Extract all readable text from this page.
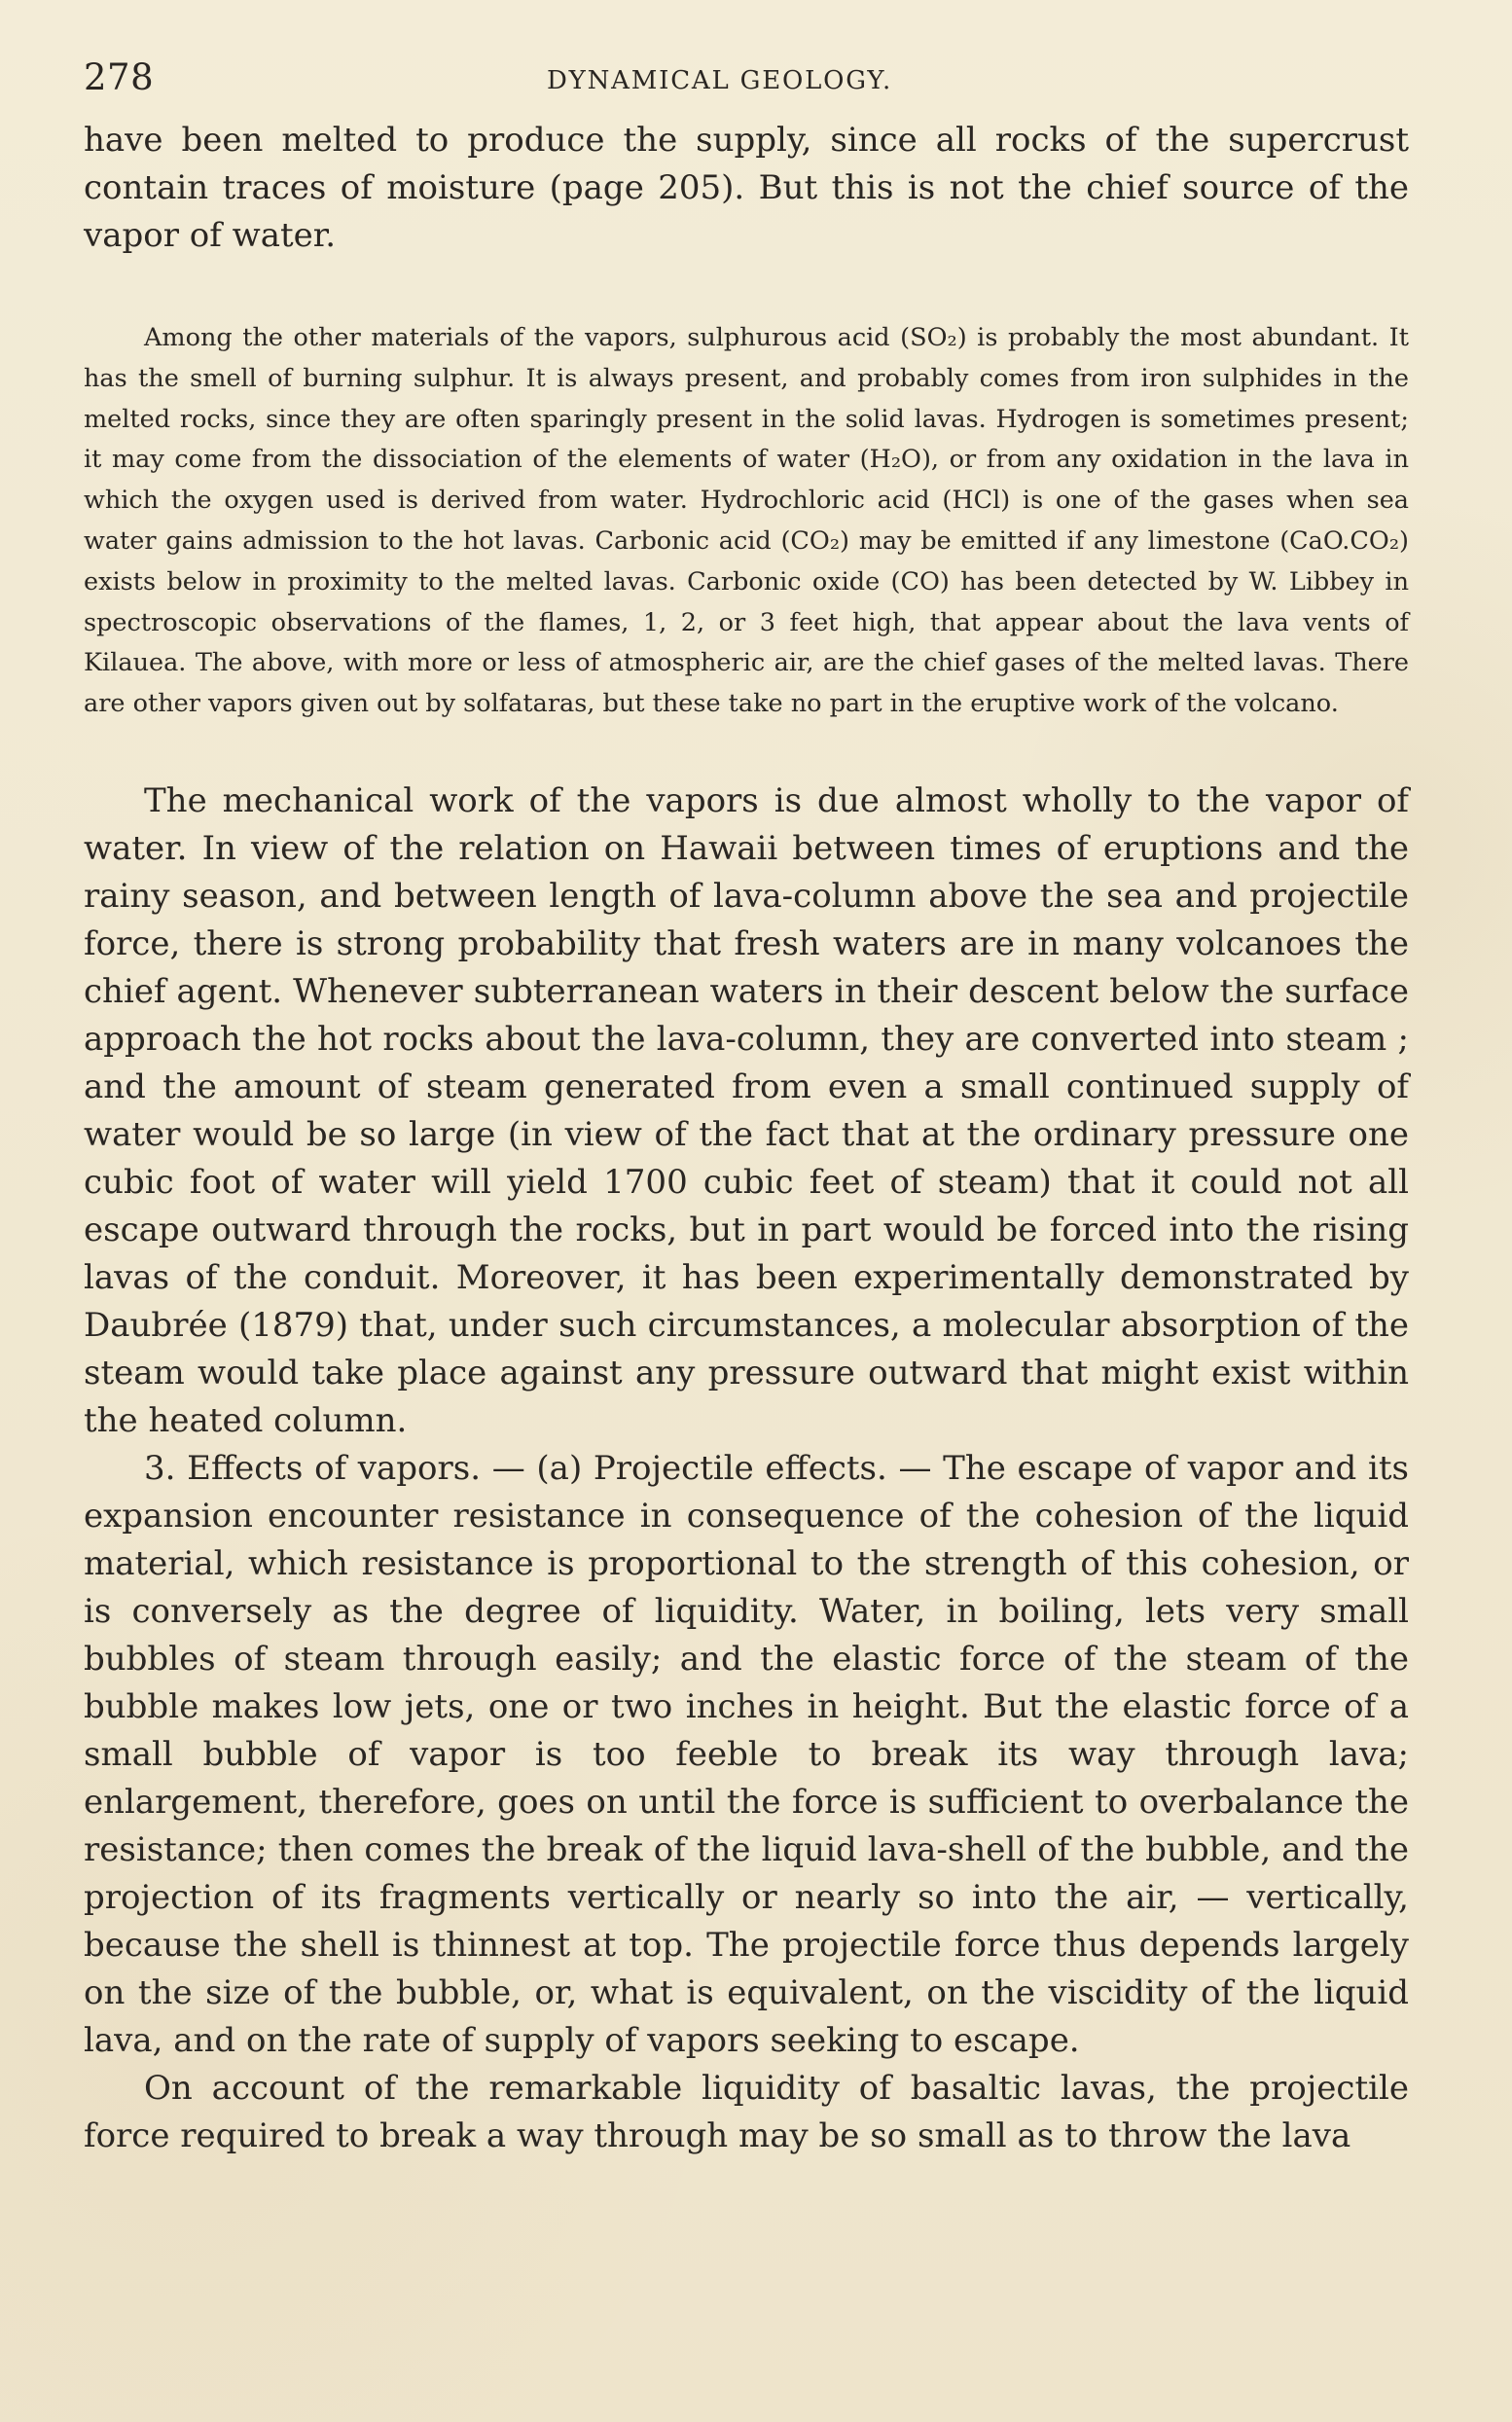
278	DYNAMICAL GEOLOGY.

have been melted to produce the supply, since all rocks of the supercrust contain traces of moisture (page 205). But this is not the chief source of the vapor of water.

Among the other materials of the vapors, sulphurous acid (SO₂) is probably the most abundant. It has the smell of burning sulphur. It is always present, and probably comes from iron sulphides in the melted rocks, since they are often sparingly present in the solid lavas. Hydrogen is sometimes present; it may come from the dissociation of the elements of water (H₂O), or from any oxidation in the lava in which the oxygen used is derived from water. Hydrochloric acid (HCl) is one of the gases when sea water gains admission to the hot lavas. Carbonic acid (CO₂) may be emitted if any limestone (CaO.CO₂) exists below in proximity to the melted lavas. Carbonic oxide (CO) has been detected by W. Libbey in spectroscopic observations of the flames, 1, 2, or 3 feet high, that appear about the lava vents of Kilauea. The above, with more or less of atmospheric air, are the chief gases of the melted lavas. There are other vapors given out by solfataras, but these take no part in the eruptive work of the volcano.

The mechanical work of the vapors is due almost wholly to the vapor of water. In view of the relation on Hawaii between times of eruptions and the rainy season, and between length of lava-column above the sea and projectile force, there is strong probability that fresh waters are in many volcanoes the chief agent. Whenever subterranean waters in their descent below the surface approach the hot rocks about the lava-column, they are converted into steam ; and the amount of steam generated from even a small continued supply of water would be so large (in view of the fact that at the ordinary pressure one cubic foot of water will yield 1700 cubic feet of steam) that it could not all escape outward through the rocks, but in part would be forced into the rising lavas of the conduit. Moreover, it has been experimentally demonstrated by Daubrée (1879) that, under such circumstances, a molecular absorption of the steam would take place against any pressure outward that might exist within the heated column.

3. Effects of vapors. — (a) Projectile effects. — The escape of vapor and its expansion encounter resistance in consequence of the cohesion of the liquid material, which resistance is proportional to the strength of this cohesion, or is conversely as the degree of liquidity. Water, in boiling, lets very small bubbles of steam through easily; and the elastic force of the steam of the bubble makes low jets, one or two inches in height. But the elastic force of a small bubble of vapor is too feeble to break its way through lava; enlargement, therefore, goes on until the force is sufficient to overbalance the resistance; then comes the break of the liquid lava-shell of the bubble, and the projection of its fragments vertically or nearly so into the air, — vertically, because the shell is thinnest at top. The projectile force thus depends largely on the size of the bubble, or, what is equivalent, on the viscidity of the liquid lava, and on the rate of supply of vapors seeking to escape.

On account of the remarkable liquidity of basaltic lavas, the projectile force required to break a way through may be so small as to throw the lava
